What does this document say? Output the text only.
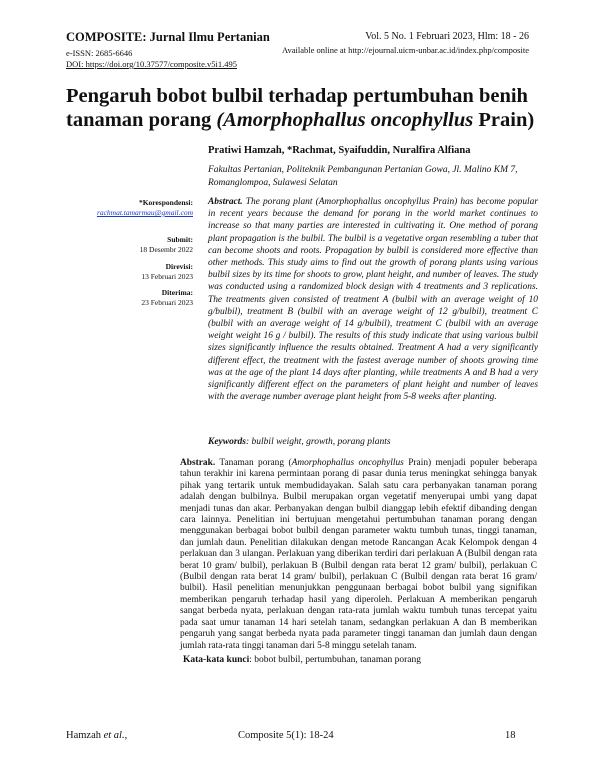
COMPOSITE: Jurnal Ilmu Pertanian
e-ISSN: 2685-6646
DOI: https://doi.org/10.37577/composite.v5i1.495
Vol. 5 No. 1 Februari 2023, Hlm: 18 - 26
Available online at http://ejournal.uicm-unbar.ac.id/index.php/composite
Pengaruh bobot bulbil terhadap pertumbuhan benih
tanaman porang (Amorphophallus oncophyllus Prain)
Pratiwi Hamzah, *Rachmat, Syaifuddin, Nuralfira Alfiana
Fakultas Pertanian, Politeknik Pembangunan Pertanian Gowa, Jl. Malino KM 7, Romanglompoa, Sulawesi Selatan
*Korespondensi:
rachmat.tamarmau@gmail.com
Submit:
18 Desembr 2022
Direvisi:
13 Februari 2023
Diterima:
23 Februari 2023
Abstract. The porang plant (Amorphophallus oncophyllus Prain) has become popular in recent years because the demand for porang in the world market continues to increase so that many parties are interested in cultivating it. One method of porang plant propagation is the bulbil. The bulbil is a vegetative organ resembling a tuber that can become shoots and roots. Propagation by bulbil is considered more effective than other methods. This study aims to find out the growth of porang plants using various bulbil sizes by its time for shoots to grow, plant height, and number of leaves. The study was conducted using a randomized block design with 4 treatments and 3 replications. The treatments given consisted of treatment A (bulbil with an average weight of 10 g/bulbil), treatment B (bulbil with an average weight of 12 g/bulbil), treatment C (bulbil with an average weight of 14 g/bulbil), treatment C (bulbil with an average weight weight 16 g / bulbil). The results of this study indicate that using various bulbil sizes significantly influence the results obtained. Treatment A had a very significantly different effect, the treatment with the fastest average number of shoots growing time was at the age of the plant 14 days after planting, while treatments A and B had a very significantly different effect on the parameters of plant height and number of leaves with the average number average plant height from 5-8 weeks after planting.
Keywords: bulbil weight, growth, porang plants
Abstrak. Tanaman porang (Amorphophallus oncophyllus Prain) menjadi populer beberapa tahun terakhir ini karena permintaan porang di pasar dunia terus meningkat sehingga banyak pihak yang tertarik untuk membudidayakan. Salah satu cara perbanyakan tanaman porang adalah dengan bulbilnya. Bulbil merupakan organ vegetatif menyerupai umbi yang dapat menjadi tunas dan akar. Perbanyakan dengan bulbil dianggap lebih efektif dibanding dengan cara lainnya. Penelitian ini bertujuan mengetahui pertumbuhan tanaman porang dengan menggunakan berbagai bobot bulbil dengan parameter waktu tumbuh tunas, tinggi tanaman, dan jumlah daun. Penelitian dilakukan dengan metode Rancangan Acak Kelompok dengan 4 perlakuan dan 3 ulangan. Perlakuan yang diberikan terdiri dari perlakuan A (Bulbil dengan rata berat 10 gram/ bulbil), perlakuan B (Bulbil dengan rata berat 12 gram/ bulbil), perlakuan C (Bulbil dengan rata berat 14 gram/ bulbil), perlakuan C (Bulbil dengan rata berat 16 gram/ bulbil). Hasil penelitian menunjukkan penggunaan berbagai bobot bulbil yang signifikan memberikan pengaruh terhadap hasil yang diperoleh. Perlakuan A memberikan pengaruh sangat berbeda nyata, perlakuan dengan rata-rata jumlah waktu tumbuh tunas tercepat yaitu pada saat umur tanaman 14 hari setelah tanam, sedangkan perlakuan A dan B memberikan pengaruh yang sangat berbeda nyata pada parameter tinggi tanaman dan jumlah daun dengan jumlah rata-rata tinggi tanaman dari 5-8 minggu setelah tanam.
Kata-kata kunci: bobot bulbil, pertumbuhan, tanaman porang
Hamzah et al.,	Composite 5(1): 18-24	18
